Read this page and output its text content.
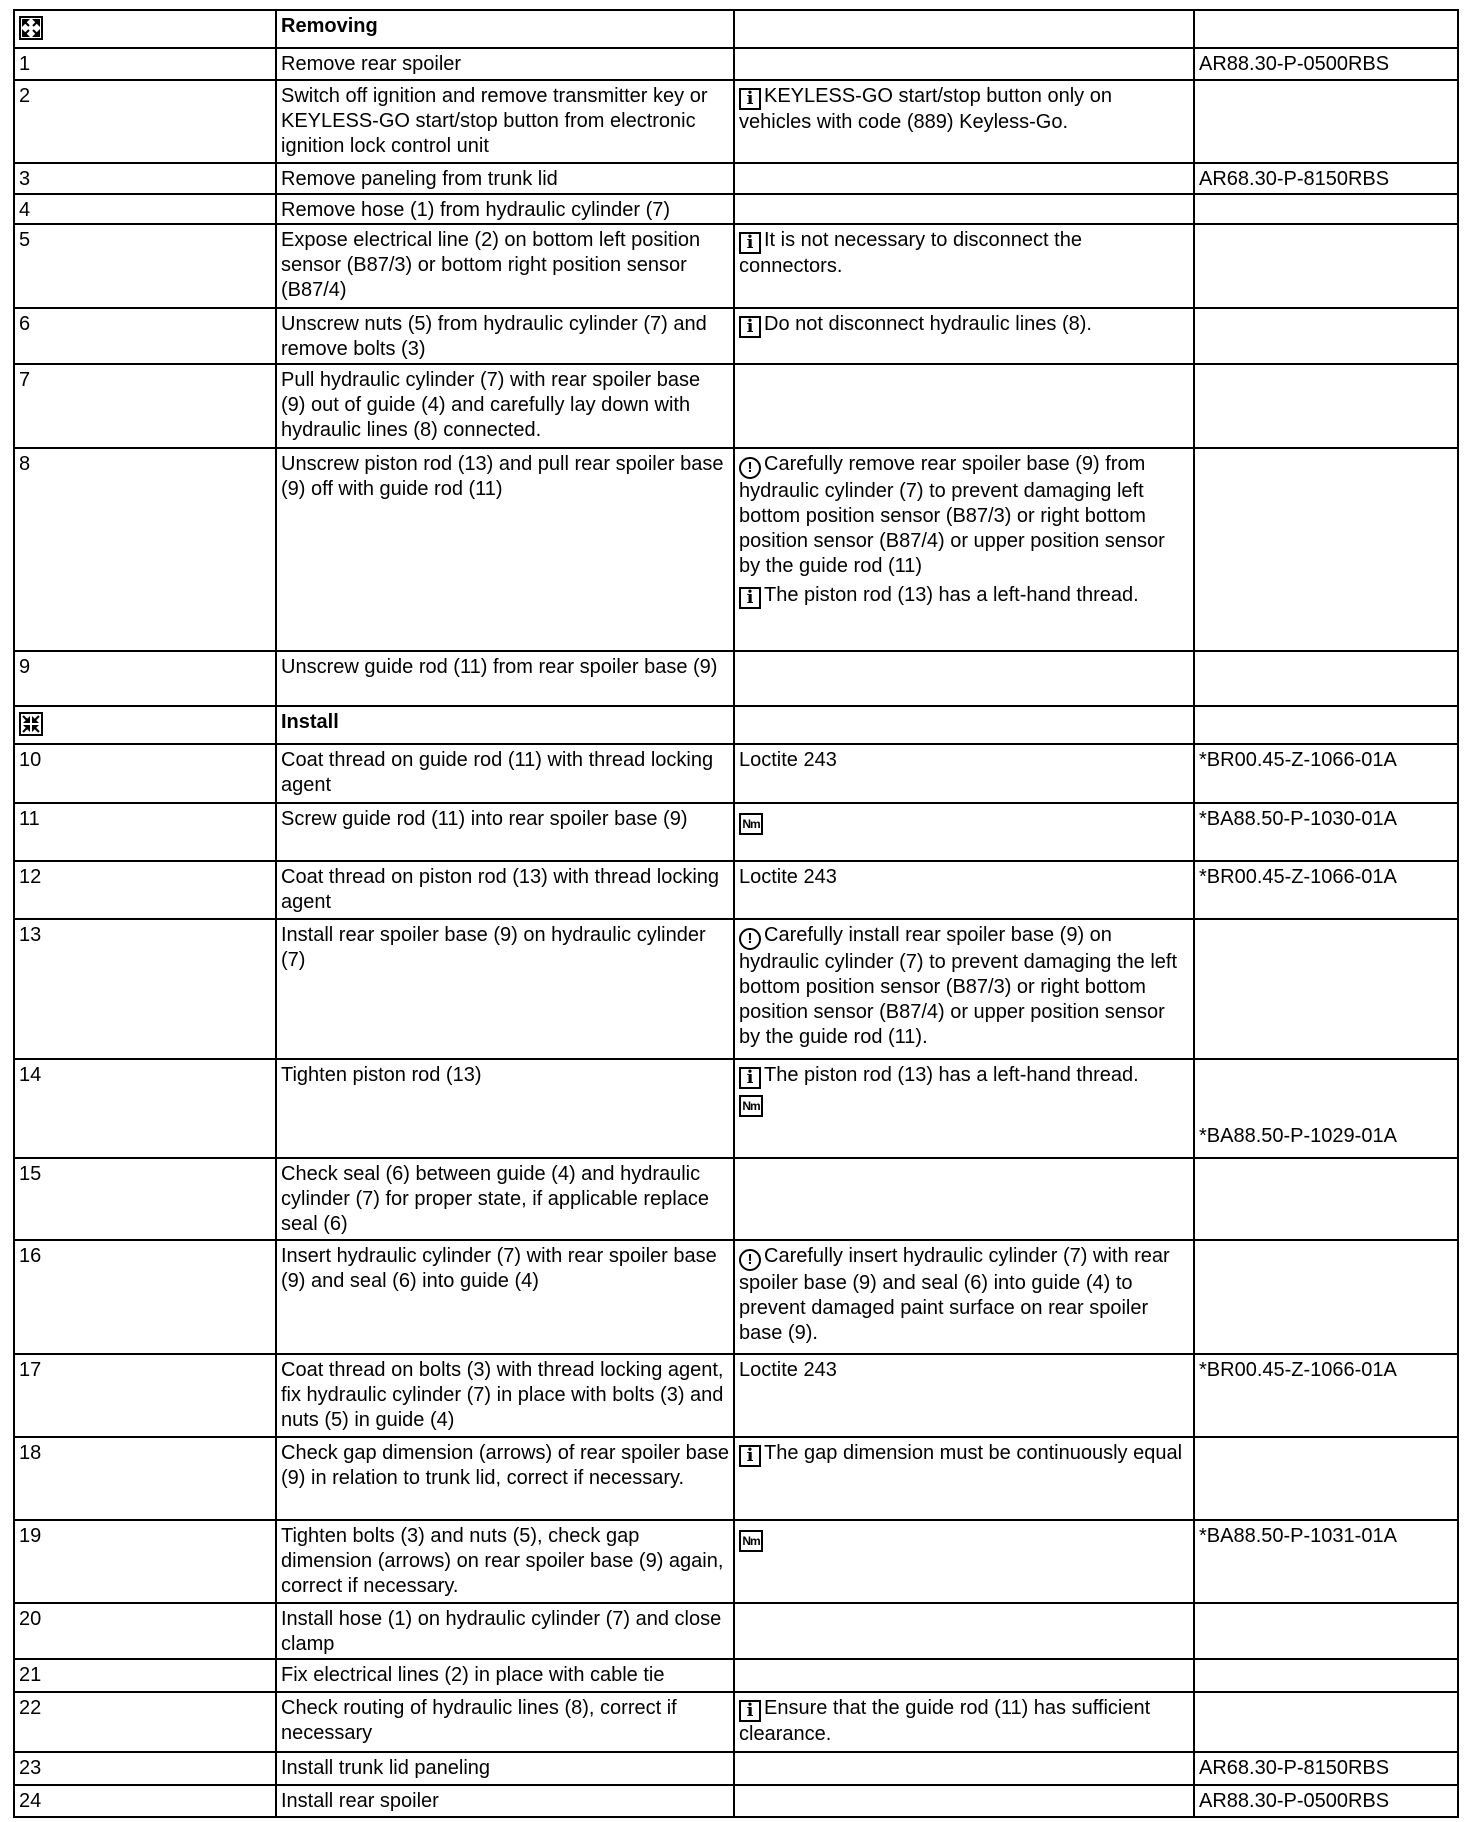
	Removing		
1	Remove rear spoiler		AR88.30-P-0500RBS
2	Switch off ignition and remove transmitter key or KEYLESS-GO start/stop button from electronic ignition lock control unit	i KEYLESS-GO start/stop button only on vehicles with code (889) Keyless-Go.	

3	Remove paneling from trunk lid		AR68.30-P-8150RBS
4	Remove hose (1) from hydraulic cylinder (7)		
5	Expose electrical line (2) on bottom left position sensor (B87/3) or bottom right position sensor (B87/4)	i It is not necessary to disconnect the connectors.	

6	Unscrew nuts (5) from hydraulic cylinder (7) and remove bolts (3)	i Do not disconnect hydraulic lines (8).	

7	Pull hydraulic cylinder (7) with rear spoiler base (9) out of guide (4) and carefully lay down with hydraulic lines (8) connected.		
8	Unscrew piston rod (13) and pull rear spoiler base (9) off with guide rod (11)	! Carefully remove rear spoiler base (9) from hydraulic cylinder (7) to prevent damaging left bottom position sensor (B87/3) or right bottom position sensor (B87/4) or upper position sensor by the guide rod (11)
i The piston rod (13) has a left-hand thread.	

9	Unscrew guide rod (11) from rear spoiler base (9)		

	Install		
10	Coat thread on guide rod (11) with thread locking agent	Loctite 243	*BR00.45-Z-1066-01A
11	Screw guide rod (11) into rear spoiler base (9)	Nm	*BA88.50-P-1030-01A
12	Coat thread on piston rod (13) with thread locking agent	Loctite 243	*BR00.45-Z-1066-01A
13	Install rear spoiler base (9) on hydraulic cylinder (7)	! Carefully install rear spoiler base (9) on hydraulic cylinder (7) to prevent damaging the left bottom position sensor (B87/3) or right bottom position sensor (B87/4) or upper position sensor by the guide rod (11).	

14	Tighten piston rod (13)	i The piston rod (13) has a left-hand thread.
Nm	*BA88.50-P-1029-01A
15	Check seal (6) between guide (4) and hydraulic cylinder (7) for proper state, if applicable replace seal (6)		
16	Insert hydraulic cylinder (7) with rear spoiler base (9) and seal (6) into guide (4)	! Carefully insert hydraulic cylinder (7) with rear spoiler base (9) and seal (6) into guide (4) to prevent damaged paint surface on rear spoiler base (9).	

17	Coat thread on bolts (3) with thread locking agent, fix hydraulic cylinder (7) in place with bolts (3) and nuts (5) in guide (4)	Loctite 243	*BR00.45-Z-1066-01A
18	Check gap dimension (arrows) of rear spoiler base (9) in relation to trunk lid, correct if necessary.	i The gap dimension must be continuously equal	

19	Tighten bolts (3) and nuts (5), check gap dimension (arrows) on rear spoiler base (9) again, correct if necessary.	Nm	*BA88.50-P-1031-01A
20	Install hose (1) on hydraulic cylinder (7) and close clamp		
21	Fix electrical lines (2) in place with cable tie		
22	Check routing of hydraulic lines (8), correct if necessary	i Ensure that the guide rod (11) has sufficient clearance.	

23	Install trunk lid paneling		AR68.30-P-8150RBS
24	Install rear spoiler		AR88.30-P-0500RBS
